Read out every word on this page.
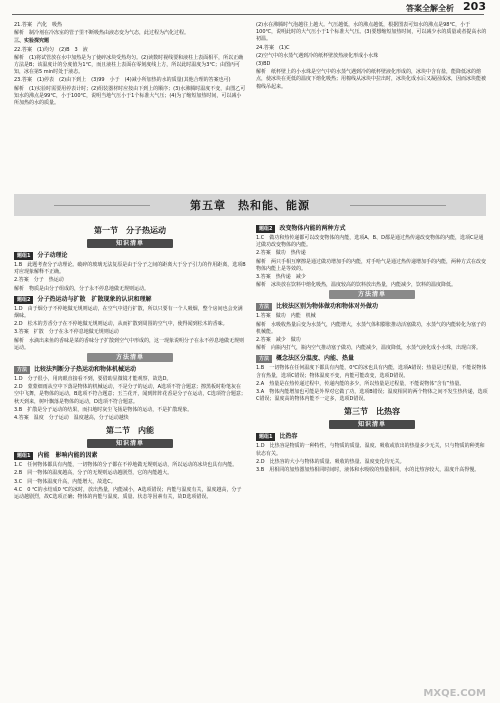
答案全解全析 203

21.答案　汽化　吸热

解析　制冷剂在冷冻室的管子里不断吸热由液态变为气态，此过程为汽化过程。

三、实验探究题

22.答案　(1)均匀　(2)B　3　液

解析　(1)将试管放在水中加热是为了使碎冰块受热均匀。(2)读数时视线要和液柱上表面相平，所以正确方法是B；该温度计的分度值为1℃，而且液柱上表面在零刻度线上方，所以此时温度为3℃；由图丙可知，冰在第5 min时处于液态。

23.答案　(1)停表　(2)由下到上　(3)99　小于　(4)减小所加热的水的质量(其他合理的答案也可)

解析　(1)实验时需要用停表计时；(2)组装器材时应按由下到上的顺序；(3)水沸腾时温度不变，由图乙可知水的沸点是99℃，小于100℃，说明当地气压小于1个标准大气压；(4)为了缩短加热时间，可以减小所加热的水的质量。

(2)水在沸腾时气泡越往上越大。气压越低，水的沸点越低，根据图表可知水的沸点是98℃，小于100℃，说明此时的大气压小于1个标准大气压。(3)要想缩短加热时间，可以减少水的质量或者提高水的初温。

24.答案　(1)C

(2)空气中的水蒸气遇到冷的纸杯壁放热液化形成小水珠

(3)BD

解析　纸杯壁上的小水珠是空气中的水蒸气遇到冷的纸杯壁液化形成的，冰块中含有盐，能降低冰的熔点，使冰块在更低的温度下熔化吸热；用棉线从冰块中拉出时，冰块化成水后又凝固成冰，因而冰块能被棉线吊起来。

第五章　热和能、能源
第一节　分子热运动
知识清单
题组1	分子动理论

1.B　此题考查分子动理论。破碎的玻璃无法复原是由于分子之间的距离大于分子引力的作用距离，选项B对应现象解释不正确。

2.答案　分子　热运动

解析　物质是由分子组成的，分子永不停息地做无规则运动。

题组2	分子热运动与扩散　扩散现象的认识和理解

1.D　由于烟分子不停地做无规则运动，在空气中进行扩散，所以只要有一个人吸烟，整个房间也会充满烟味。

2.D　松木的芳香分子在不停地做无规则运动，从而扩散到周围的空气中，使得闻到松木的香味。

3.答案　扩散　分子在永不停息地做无规则运动

解析　水滴出来鱼的香味是菜的香味分子扩散到空气中形成的，这一现象说明分子在永不停息地做无规则运动。

方法清单
方法	比较法判断分子热运动和物体机械运动

1.D　分子很小，用肉眼直接看不到，要借助显微镜才能观察，故选D。

2.D　蒙蒙细雨从空中下落是物体的机械运动，不是分子的运动，A选项不符合题意；擦黑板时粉笔灰在空中飞舞，是物体的运动，B选项不符合题意；玉兰花开，闻到阵阵花香是分子在运动，C选项符合题意；秋天到来，树叶飘落是物体的运动，D选项不符合题意。

3.B　扩散是分子运动的结果，而扫地时灰尘飞扬是物体的运动，不是扩散现象。

4.答案　温度　分子运动　温度越高，分子运动越快

第二节　内能
知识清单
题组1	内能　影响内能的因素

1.C　任何物体都具有内能，一切物体的分子都在不停地做无规则运动，所以运动的冰块也具有内能。

2.B　同一物体的温度越高，分子的无规则运动越剧烈，它的内能越大。

3.C　同一物体温度升高，内能增大，故选C。

4.C　0 ℃的水结成0 ℃的冰时，放出热量，内能减小，A选项错误；内能与温度有关，温度越高，分子运动越剧烈，故C选项正确；物体的内能与温度、质量、状态等因素有关，故D选项错误。

题组2	改变物体内能的两种方式

1.C　做功和热传递都可以改变物体的内能，选项A、B、D都是通过热传递改变物体的内能，选项C是通过做功改变物体的内能。

2.答案　做功　热传递

解析　两只手相互摩擦是通过做功增加手的内能，对手哈气是通过热传递增加手的内能，两种方式在改变物体内能上是等效的。

3.答案　热传递　减少

解析　冰块放在饮料中熔化吸热，温度较高的饮料放出热量，内能减少，饮料的温度降低。

方法清单
方法	比较法区别为物体做功和物体对外做功

1.答案　做功　内能　机械

解析　水吸收热量后变为水蒸气，内能增大，水蒸气体积膨胀推动活塞做功，水蒸气的内能转化为塞子的机械能。

2.答案　减少　做功

解析　向瓶内打气，瓶内空气推动塞子做功，内能减少，温度降低，水蒸气液化成小水珠，出现白雾。

方法	概念法区分温度、内能、热量

1.B　一切物体在任何温度下都具有内能，0℃的冰也具有内能，选项A错误；热量是过程量，不能说物体含有热量，选项C错误；物体温度不变，内能可能改变，选项D错误。

2.A　热量是在热传递过程中，传递内能的多少，所以热量是过程量，不能说物体“含有”热量。

3.A　物体内能增加也可能是外界对它做了功，选项B错误；温度相同的两个物体之间不发生热传递，选项C错误；温度高的物体内能不一定多，选项D错误。

第三节　比热容
知识清单
题组1	比热容

1.D　比热容是物质的一种特性，与物质的质量、温度、吸收或放出的热量多少无关，只与物质的种类和状态有关。

2.D　比热容的大小与物体的质量、吸收的热量、温度变化均无关。

3.B　用相同的加热器加热相同时间时，液体和水吸收的热量相同，水的比热容较大，温度升高得慢。

MXQE.COM
